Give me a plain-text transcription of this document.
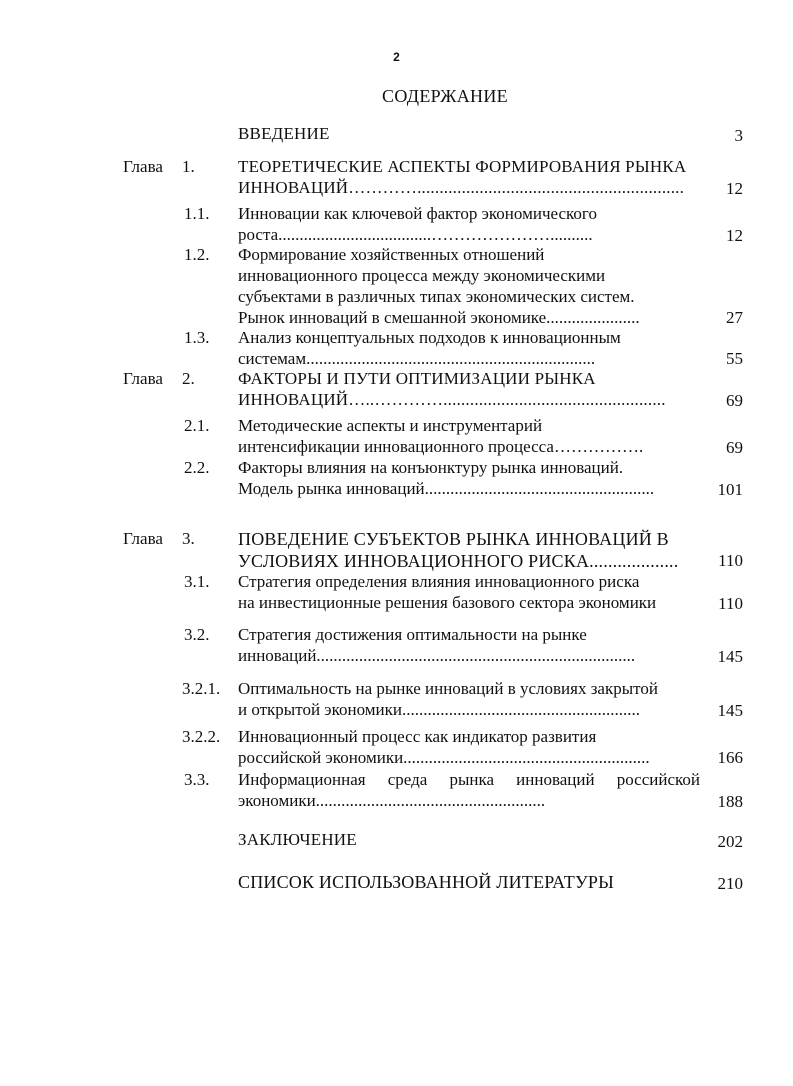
2
СОДЕРЖАНИЕ
ВВЕДЕНИЕ	3
Глава 1.	ТЕОРЕТИЧЕСКИЕ АСПЕКТЫ ФОРМИРОВАНИЯ РЫНКА
ИННОВАЦИЙ…………............................................................ 12
1.1. Инновации как ключевой фактор экономического
роста....................................…………………..........	12
1.2. Формирование хозяйственных отношений
инновационного процесса между экономическими
субъектами в различных типах экономических систем.
Рынок инноваций в смешанной экономике......................	27
1.3. Анализ концептуальных подходов к инновационным
системам....................................................................	55
Глава 2.	ФАКТОРЫ И ПУТИ ОПТИМИЗАЦИИ РЫНКА
ИННОВАЦИЙ…..…………..................................................	69
2.1. Методические аспекты и инструментарий
интенсификации инновационного процесса…………….	69
2.2. Факторы влияния на конъюнктуру рынка инноваций.
Модель рынка инноваций......................................................	101
Глава 3. ПОВЕДЕНИЕ СУБЪЕКТОВ РЫНКА ИННОВАЦИЙ В
УСЛОВИЯХ ИННОВАЦИОННОГО РИСКА...................	110
3.1. Стратегия определения влияния инновационного риска
на инвестиционные решения базового сектора экономики	110
3.2. Стратегия достижения оптимальности на рынке
инноваций...........................................................................	145
3.2.1. Оптимальность на рынке инноваций в условиях закрытой
и открытой экономики........................................................	145
3.2.2. Инновационный процесс как индикатор развития
российской экономики..........................................................	166
3.3. Информационная среда рынка инноваций российской
экономики......................................................	188
ЗАКЛЮЧЕНИЕ	202
СПИСОК ИСПОЛЬЗОВАННОЙ ЛИТЕРАТУРЫ	210
